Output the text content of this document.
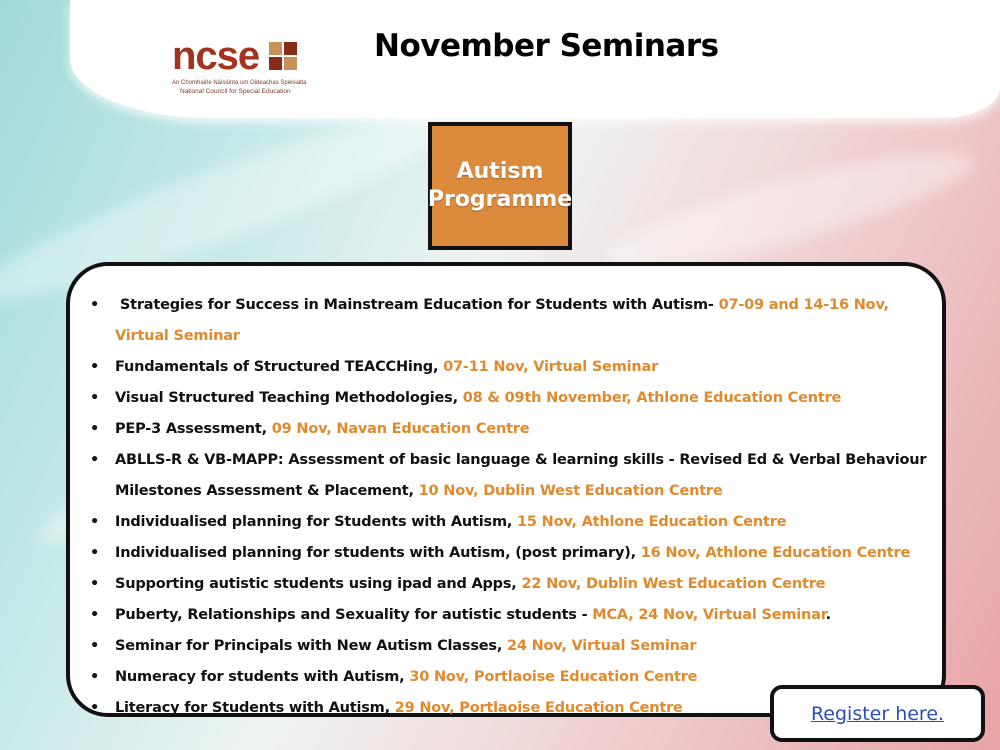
ncse
An Chomhairle Náisiúnta um Oideachas Speisialta
National Council for Special Education
November Seminars
Autism
Programme
• Strategies for Success in Mainstream Education for Students with Autism- 07-09 and 14-16 Nov, Virtual Seminar
• Fundamentals of Structured TEACCHing, 07-11 Nov, Virtual Seminar
• Visual Structured Teaching Methodologies, 08 & 09th November, Athlone Education Centre
• PEP-3 Assessment, 09 Nov, Navan Education Centre
• ABLLS-R & VB-MAPP: Assessment of basic language & learning skills - Revised Ed & Verbal Behaviour Milestones Assessment & Placement, 10 Nov, Dublin West Education Centre
• Individualised planning for Students with Autism, 15 Nov, Athlone Education Centre
• Individualised planning for students with Autism, (post primary), 16 Nov, Athlone Education Centre
• Supporting autistic students using ipad and Apps, 22 Nov, Dublin West Education Centre
• Puberty, Relationships and Sexuality for autistic students - MCA, 24 Nov, Virtual Seminar.
• Seminar for Principals with New Autism Classes, 24 Nov, Virtual Seminar
• Numeracy for students with Autism, 30 Nov, Portlaoise Education Centre
• Literacy for Students with Autism, 29 Nov, Portlaoise Education Centre	Register here.
